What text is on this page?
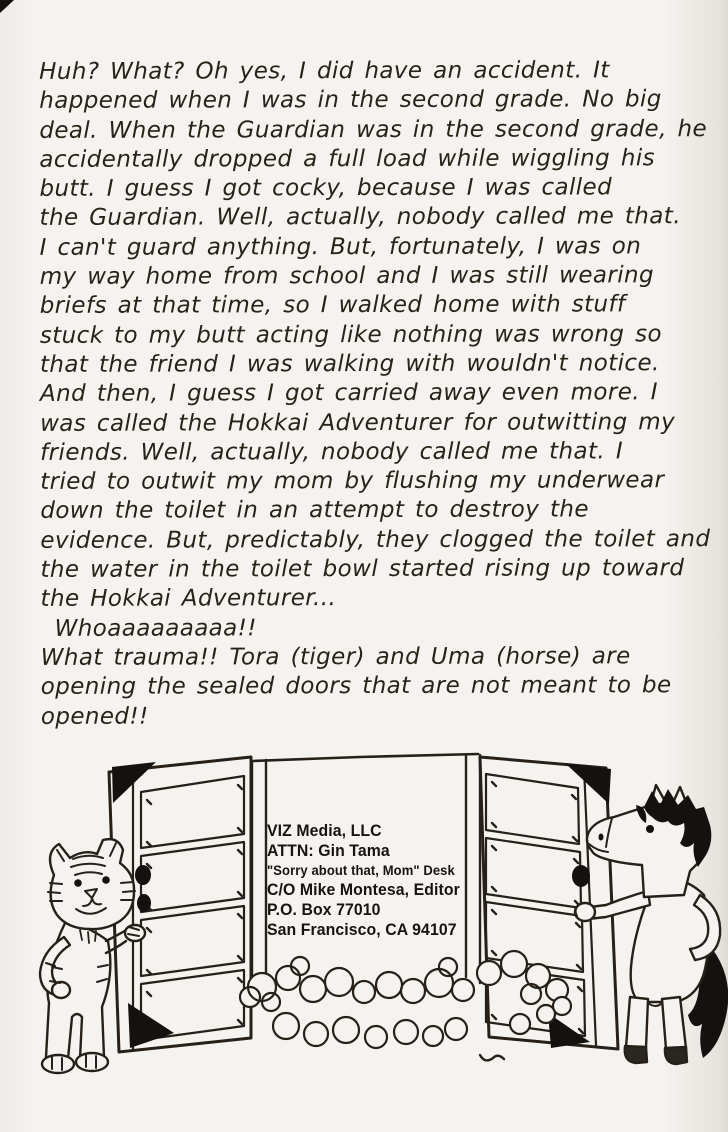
Huh? What? Oh yes, I did have an accident. It
happened when I was in the second grade. No big
deal. When the Guardian was in the second grade, he
accidentally dropped a full load while wiggling his
butt. I guess I got cocky, because I was called
the Guardian. Well, actually, nobody called me that.
I can't guard anything. But, fortunately, I was on
my way home from school and I was still wearing
briefs at that time, so I walked home with stuff
stuck to my butt acting like nothing was wrong so
that the friend I was walking with wouldn't notice.
And then, I guess I got carried away even more. I
was called the Hokkai Adventurer for outwitting my
friends. Well, actually, nobody called me that. I
tried to outwit my mom by flushing my underwear
down the toilet in an attempt to destroy the
evidence. But, predictably, they clogged the toilet and
the water in the toilet bowl started rising up toward
the Hokkai Adventurer...
Whoaaaaaaaaa!!
What trauma!! Tora (tiger) and Uma (horse) are
opening the sealed doors that are not meant to be
opened!!
VIZ Media, LLC
ATTN: Gin Tama
"Sorry about that, Mom" Desk
C/O Mike Montesa, Editor
P.O. Box 77010
San Francisco, CA 94107
